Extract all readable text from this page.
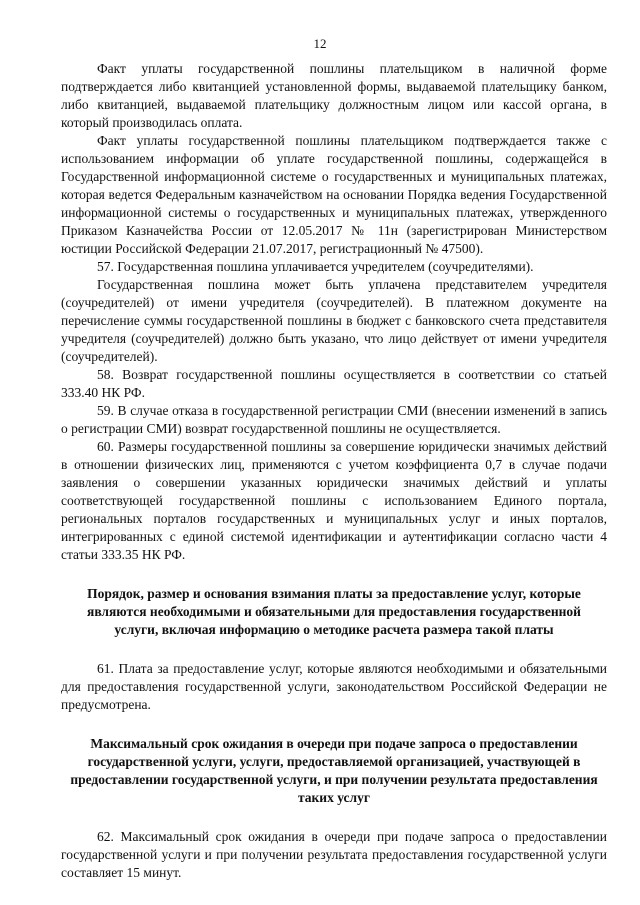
12

Факт уплаты государственной пошлины плательщиком в наличной форме подтверждается либо квитанцией установленной формы, выдаваемой плательщику банком, либо квитанцией, выдаваемой плательщику должностным лицом или кассой органа, в который производилась оплата.

Факт уплаты государственной пошлины плательщиком подтверждается также с использованием информации об уплате государственной пошлины, содержащейся в Государственной информационной системе о государственных и муниципальных платежах, которая ведется Федеральным казначейством на основании Порядка ведения Государственной информационной системы о государственных и муниципальных платежах, утвержденного Приказом Казначейства России от 12.05.2017 № 11н (зарегистрирован Министерством юстиции Российской Федерации 21.07.2017, регистрационный № 47500).

57. Государственная пошлина уплачивается учредителем (соучредителями).

Государственная пошлина может быть уплачена представителем учредителя (соучредителей) от имени учредителя (соучредителей). В платежном документе на перечисление суммы государственной пошлины в бюджет с банковского счета представителя учредителя (соучредителей) должно быть указано, что лицо действует от имени учредителя (соучредителей).

58. Возврат государственной пошлины осуществляется в соответствии со статьей 333.40 НК РФ.

59. В случае отказа в государственной регистрации СМИ (внесении изменений в запись о регистрации СМИ) возврат государственной пошлины не осуществляется.

60. Размеры государственной пошлины за совершение юридически значимых действий в отношении физических лиц, применяются с учетом коэффициента 0,7 в случае подачи заявления о совершении указанных юридически значимых действий и уплаты соответствующей государственной пошлины с использованием Единого портала, региональных порталов государственных и муниципальных услуг и иных порталов, интегрированных с единой системой идентификации и аутентификации согласно части 4 статьи 333.35 НК РФ.

Порядок, размер и основания взимания платы за предоставление услуг, которые являются необходимыми и обязательными для предоставления государственной услуги, включая информацию о методике расчета размера такой платы

61. Плата за предоставление услуг, которые являются необходимыми и обязательными для предоставления государственной услуги, законодательством Российской Федерации не предусмотрена.

Максимальный срок ожидания в очереди при подаче запроса о предоставлении государственной услуги, услуги, предоставляемой организацией, участвующей в предоставлении государственной услуги, и при получении результата предоставления таких услуг

62. Максимальный срок ожидания в очереди при подаче запроса о предоставлении государственной услуги и при получении результата предоставления государственной услуги составляет 15 минут.
